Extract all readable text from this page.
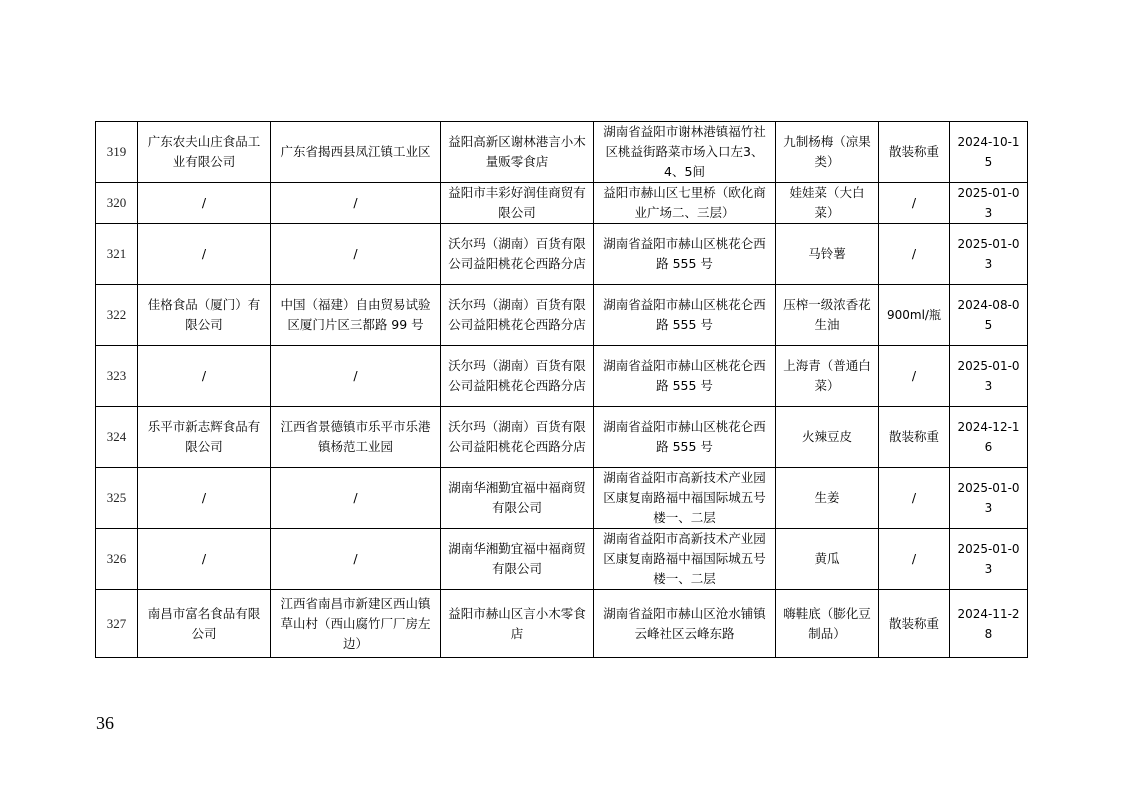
319	广东农夫山庄食品工业有限公司	广东省揭西县凤江镇工业区	益阳高新区谢林港言小木量贩零食店	湖南省益阳市谢林港镇福竹社区桃益街路菜市场入口左3、4、5间	九制杨梅（凉果类）	散装称重	2024-10-15
320	/	/	益阳市丰彩好润佳商贸有限公司	益阳市赫山区七里桥（欧化商业广场二、三层）	娃娃菜（大白菜）	/	2025-01-03
321	/	/	沃尔玛（湖南）百货有限公司益阳桃花仑西路分店	湖南省益阳市赫山区桃花仑西路 555 号	马铃薯	/	2025-01-03
322	佳格食品（厦门）有限公司	中国（福建）自由贸易试验区厦门片区三都路 99 号	沃尔玛（湖南）百货有限公司益阳桃花仑西路分店	湖南省益阳市赫山区桃花仑西路 555 号	压榨一级浓香花生油	900ml/瓶	2024-08-05
323	/	/	沃尔玛（湖南）百货有限公司益阳桃花仑西路分店	湖南省益阳市赫山区桃花仑西路 555 号	上海青（普通白菜）	/	2025-01-03
324	乐平市新志辉食品有限公司	江西省景德镇市乐平市乐港镇杨范工业园	沃尔玛（湖南）百货有限公司益阳桃花仑西路分店	湖南省益阳市赫山区桃花仑西路 555 号	火辣豆皮	散装称重	2024-12-16
325	/	/	湖南华湘勤宜福中福商贸有限公司	湖南省益阳市高新技术产业园区康复南路福中福国际城五号楼一、二层	生姜	/	2025-01-03
326	/	/	湖南华湘勤宜福中福商贸有限公司	湖南省益阳市高新技术产业园区康复南路福中福国际城五号楼一、二层	黄瓜	/	2025-01-03
327	南昌市富名食品有限公司	江西省南昌市新建区西山镇草山村（西山腐竹厂厂房左边）	益阳市赫山区言小木零食店	湖南省益阳市赫山区沧水铺镇云峰社区云峰东路	嗨鞋底（膨化豆制品）	散装称重	2024-11-28
36
